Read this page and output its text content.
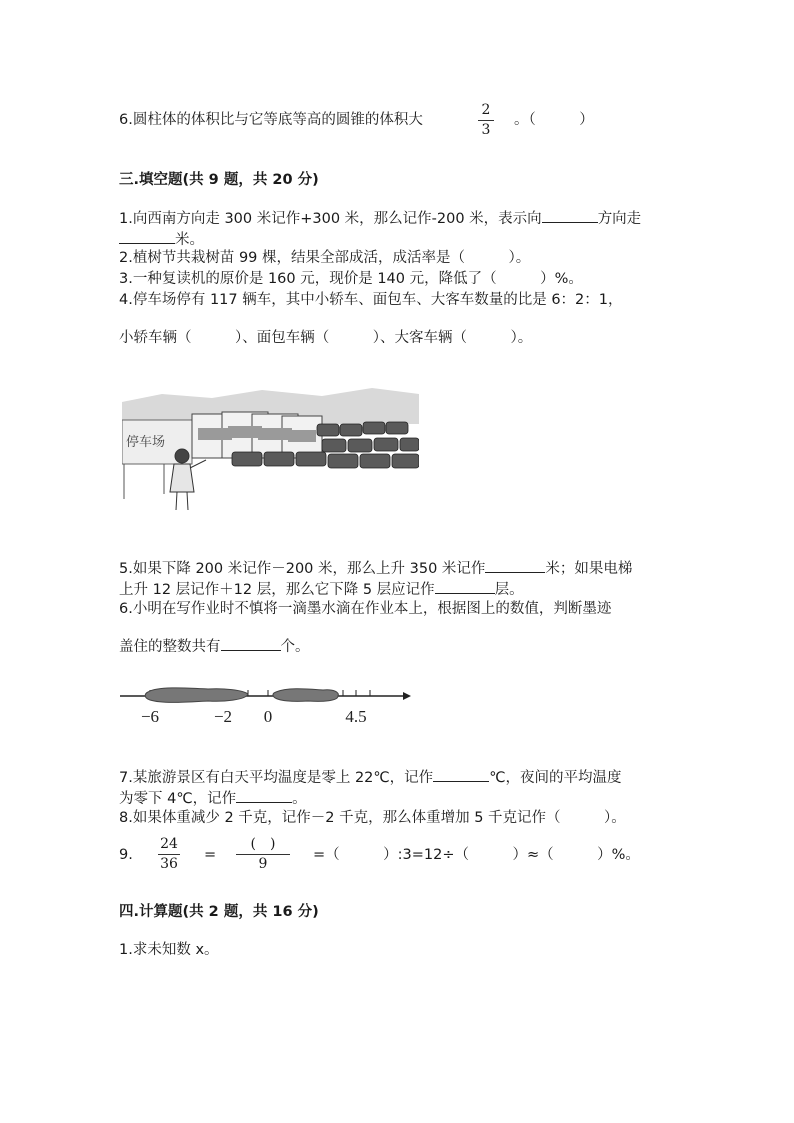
6.圆柱体的体积比与它等底等高的圆锥的体积大
2
3
。（　　　）
三.填空题(共 9 题，共 20 分)
1.向西南方向走 300 米记作+300 米，那么记作-200 米，表示向	方向走
米。
2.植树节共栽树苗 99 棵，结果全部成活，成活率是（　　　）。
3.一种复读机的原价是 160 元，现价是 140 元，降低了（　　　）%。
4.停车场停有 117 辆车，其中小轿车、面包车、大客车数量的比是 6：2：1，
小轿车辆（　　　）、面包车辆（　　　）、大客车辆（　　　）。
停车场
5.如果下降 200 米记作－200 米，那么上升 350 米记作	米；如果电梯
上升 12 层记作＋12 层，那么它下降 5 层应记作	层。
6.小明在写作业时不慎将一滴墨水滴在作业本上，根据图上的数值，判断墨迹
盖住的整数共有	个。
−6	−2 0	4.5
7.某旅游景区有白天平均温度是零上 22℃，记作	℃，夜间的平均温度
为零下 4℃，记作	。
8.如果体重减少 2 千克，记作－2 千克，那么体重增加 5 千克记作（　　　）。
9.
24
36
=
(　)
9
=（　　　）:3=12÷（　　　）≈（　　　）%。
四.计算题(共 2 题，共 16 分)
1.求未知数 x。
